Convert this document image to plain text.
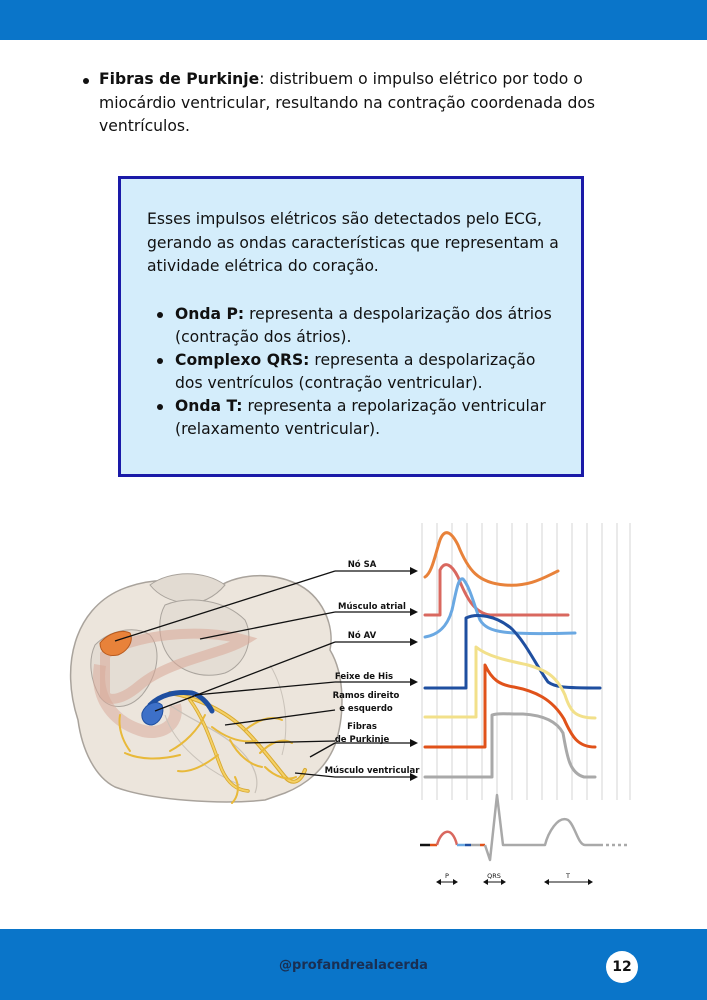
Fibras de Purkinje: distribuem o impulso elétrico por todo o miocárdio ventricular, resultando na contração coordenada dos ventrículos.

Esses impulsos elétricos são detectados pelo ECG, gerando as ondas características que representam a atividade elétrica do coração.

Onda P: representa a despolarização dos átrios (contração dos átrios).
Complexo QRS: representa a despolarização dos ventrículos (contração ventricular).
Onda T: representa a repolarização ventricular (relaxamento ventricular).
Nó SA
Músculo atrial
Nó AV
Feixe de His
Ramos direito
e esquerdo
Fibras
de Purkinje
Músculo ventricular
P	QRS	T
@profandrealacerda	12
